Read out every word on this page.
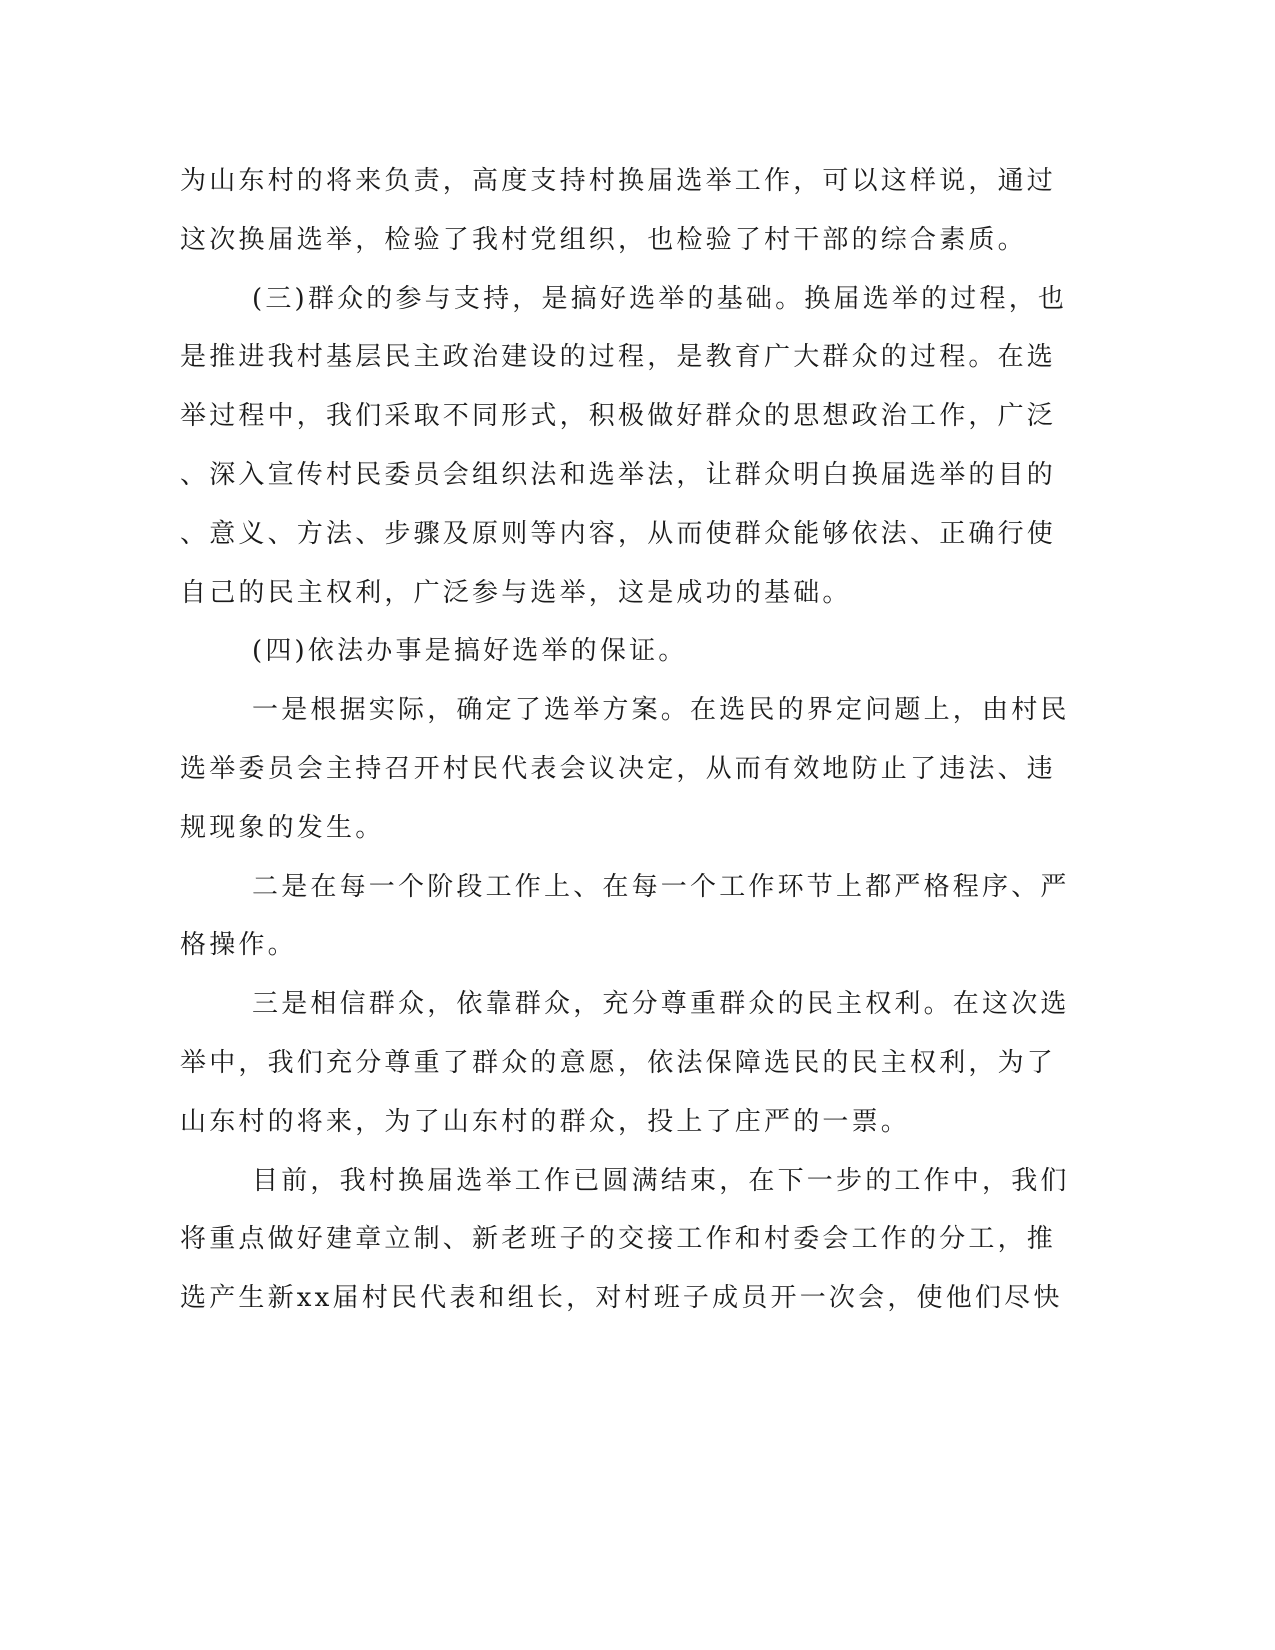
为山东村的将来负责，高度支持村换届选举工作，可以这样说，通过
这次换届选举，检验了我村党组织，也检验了村干部的综合素质。
(三)群众的参与支持，是搞好选举的基础。换届选举的过程，也
是推进我村基层民主政治建设的过程，是教育广大群众的过程。在选
举过程中，我们采取不同形式，积极做好群众的思想政治工作，广泛
、深入宣传村民委员会组织法和选举法，让群众明白换届选举的目的
、意义、方法、步骤及原则等内容，从而使群众能够依法、正确行使
自己的民主权利，广泛参与选举，这是成功的基础。
(四)依法办事是搞好选举的保证。
一是根据实际，确定了选举方案。在选民的界定问题上，由村民
选举委员会主持召开村民代表会议决定，从而有效地防止了违法、违
规现象的发生。
二是在每一个阶段工作上、在每一个工作环节上都严格程序、严
格操作。
三是相信群众，依靠群众，充分尊重群众的民主权利。在这次选
举中，我们充分尊重了群众的意愿，依法保障选民的民主权利，为了
山东村的将来，为了山东村的群众，投上了庄严的一票。
目前，我村换届选举工作已圆满结束，在下一步的工作中，我们
将重点做好建章立制、新老班子的交接工作和村委会工作的分工，推
选产生新xx届村民代表和组长，对村班子成员开一次会，使他们尽快
